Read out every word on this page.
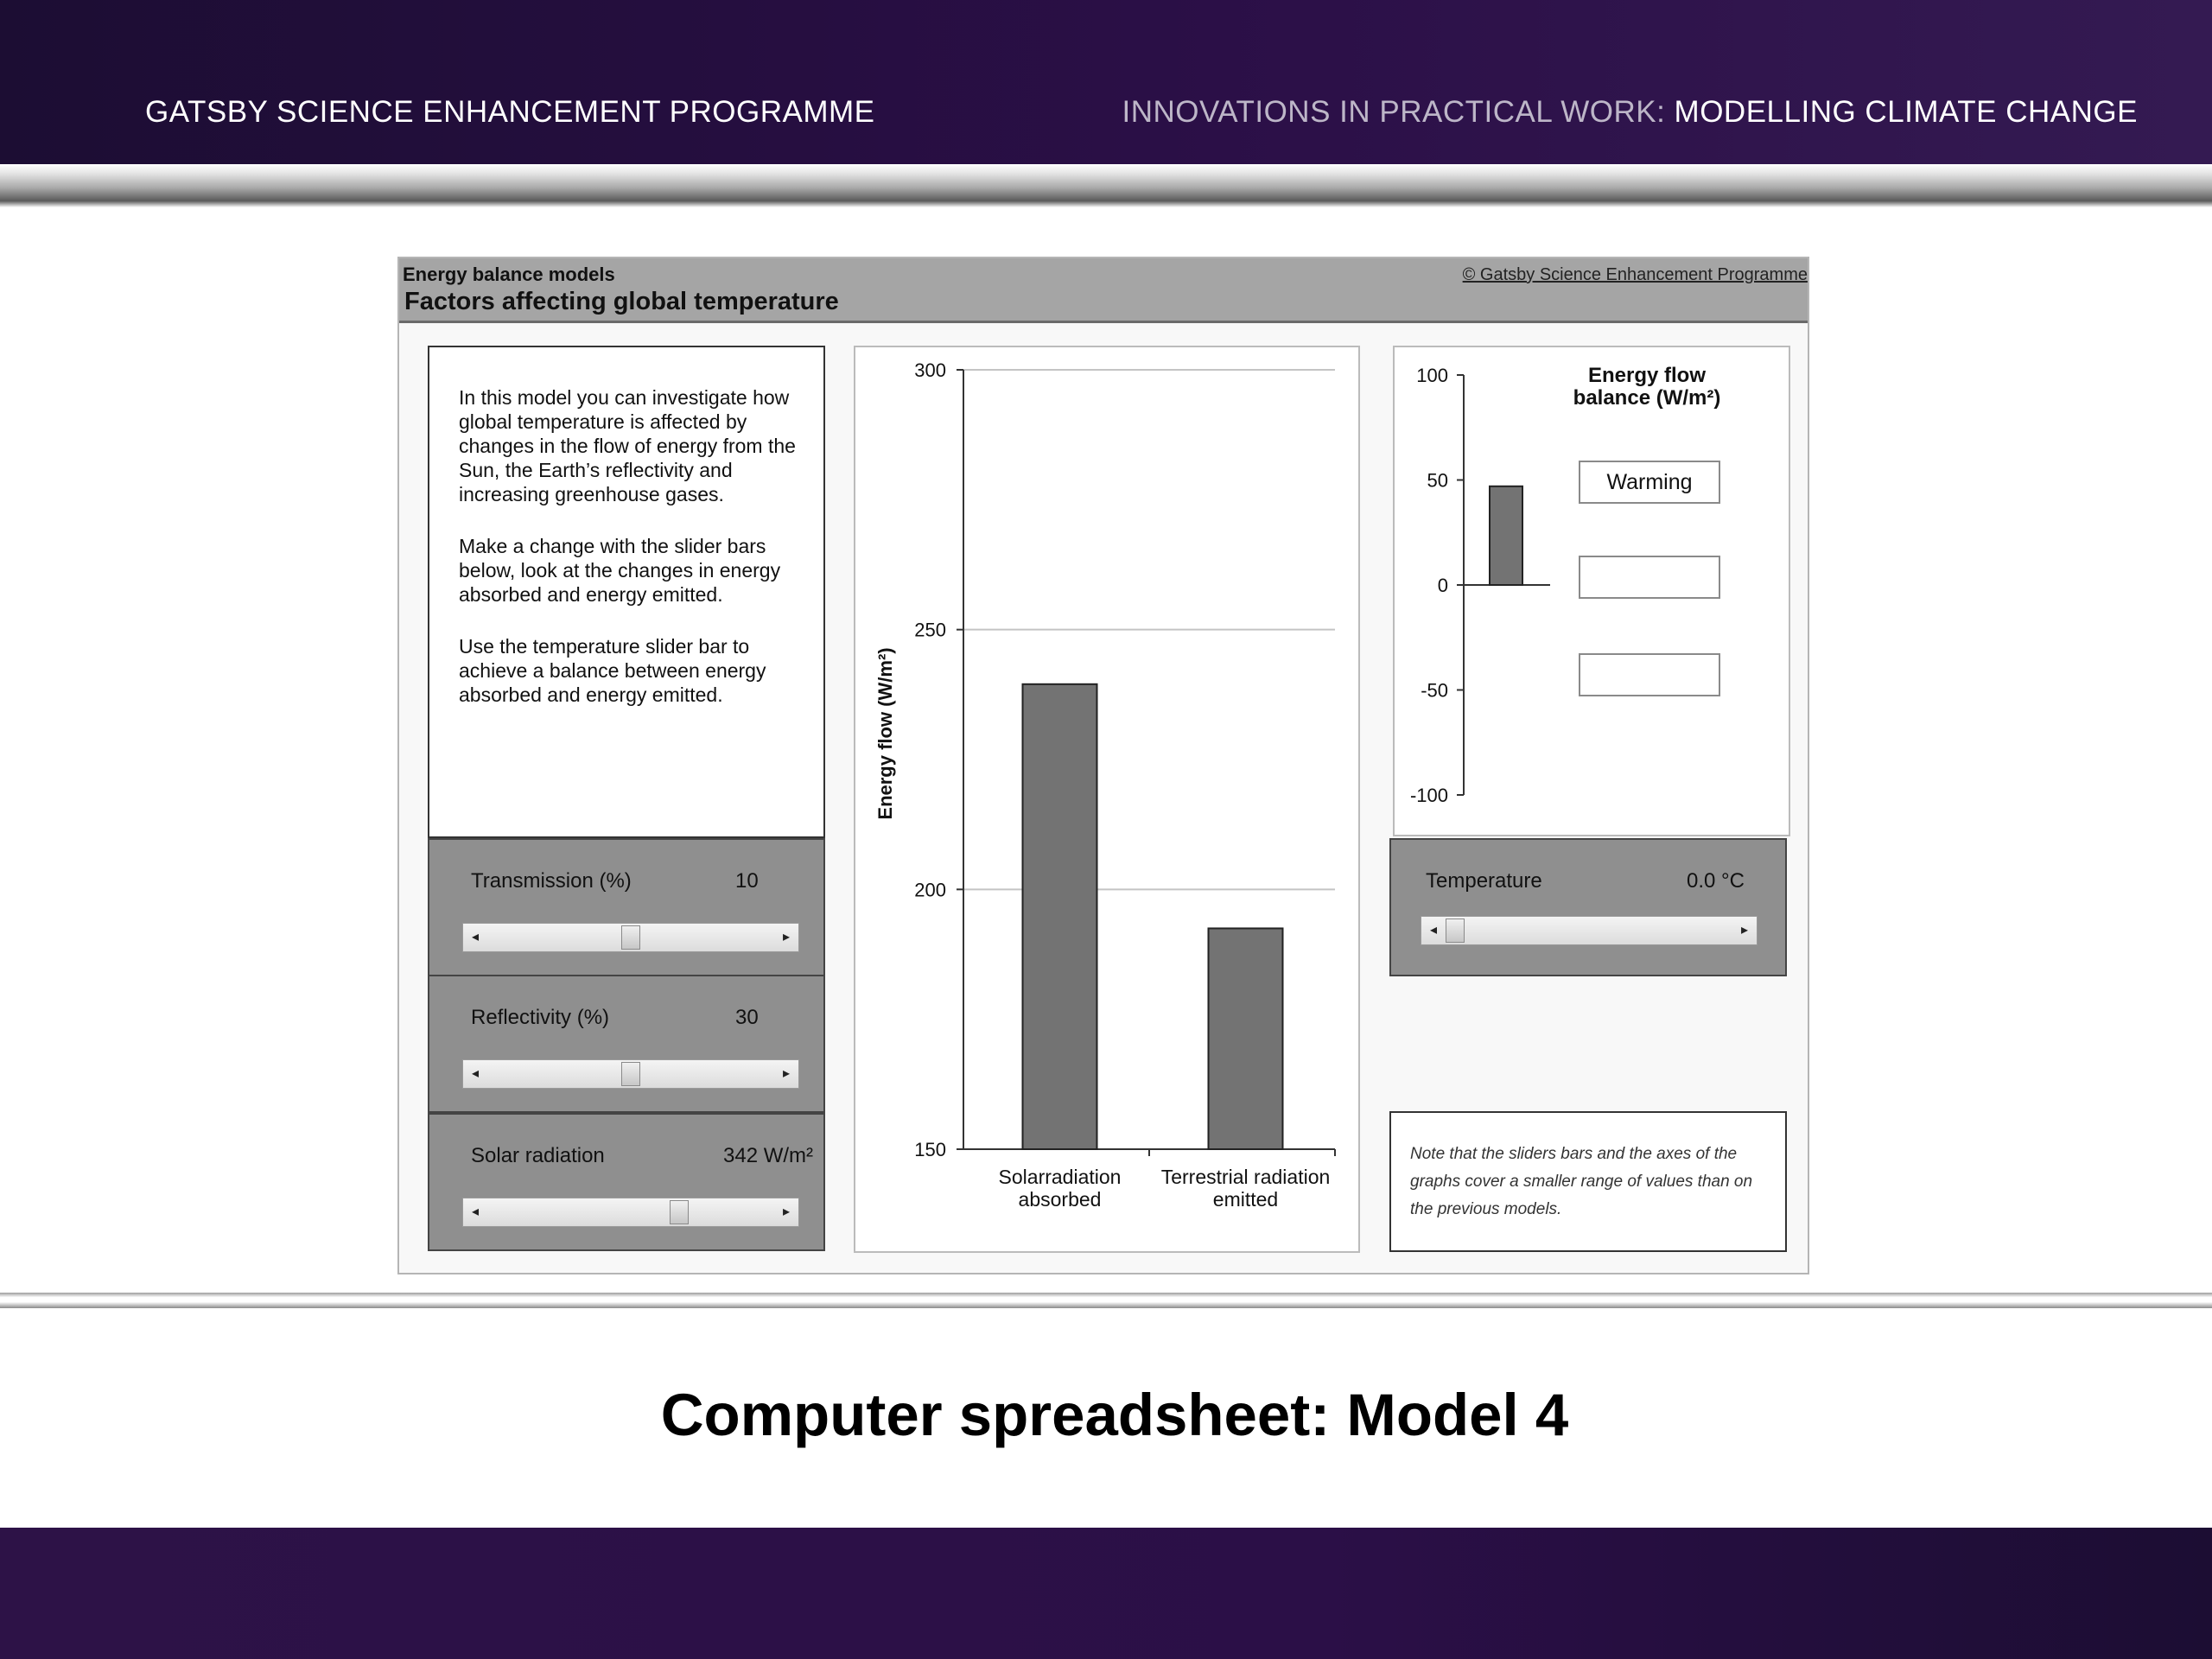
GATSBY SCIENCE ENHANCEMENT PROGRAMME	INNOVATIONS IN PRACTICAL WORK: MODELLING CLIMATE CHANGE
Energy balance models
Factors affecting global temperature
© Gatsby Science Enhancement Programme

In this model you can investigate how global temperature is affected by changes in the flow of energy from the Sun, the Earth’s reflectivity and increasing greenhouse gases.

Make a change with the slider bars below, look at the changes in energy absorbed and energy emitted.

Use the temperature slider bar to achieve a balance between energy absorbed and energy emitted.

Transmission (%)	10
◂	▸
Reflectivity (%)	30
◂	▸
Solar radiation	342 W/m²
◂	▸
150
200
250
300
Energy flow (W/m²)
Solarradiation
absorbed
Terrestrial radiation
emitted
-100
-50
0
50
100	Energy flow
balance (W/m²)
Warming
Temperature	0.0 °C
◂	▸
Note that the sliders bars and the axes of the graphs cover a smaller range of values than on the previous models.
Computer spreadsheet: Model 4
